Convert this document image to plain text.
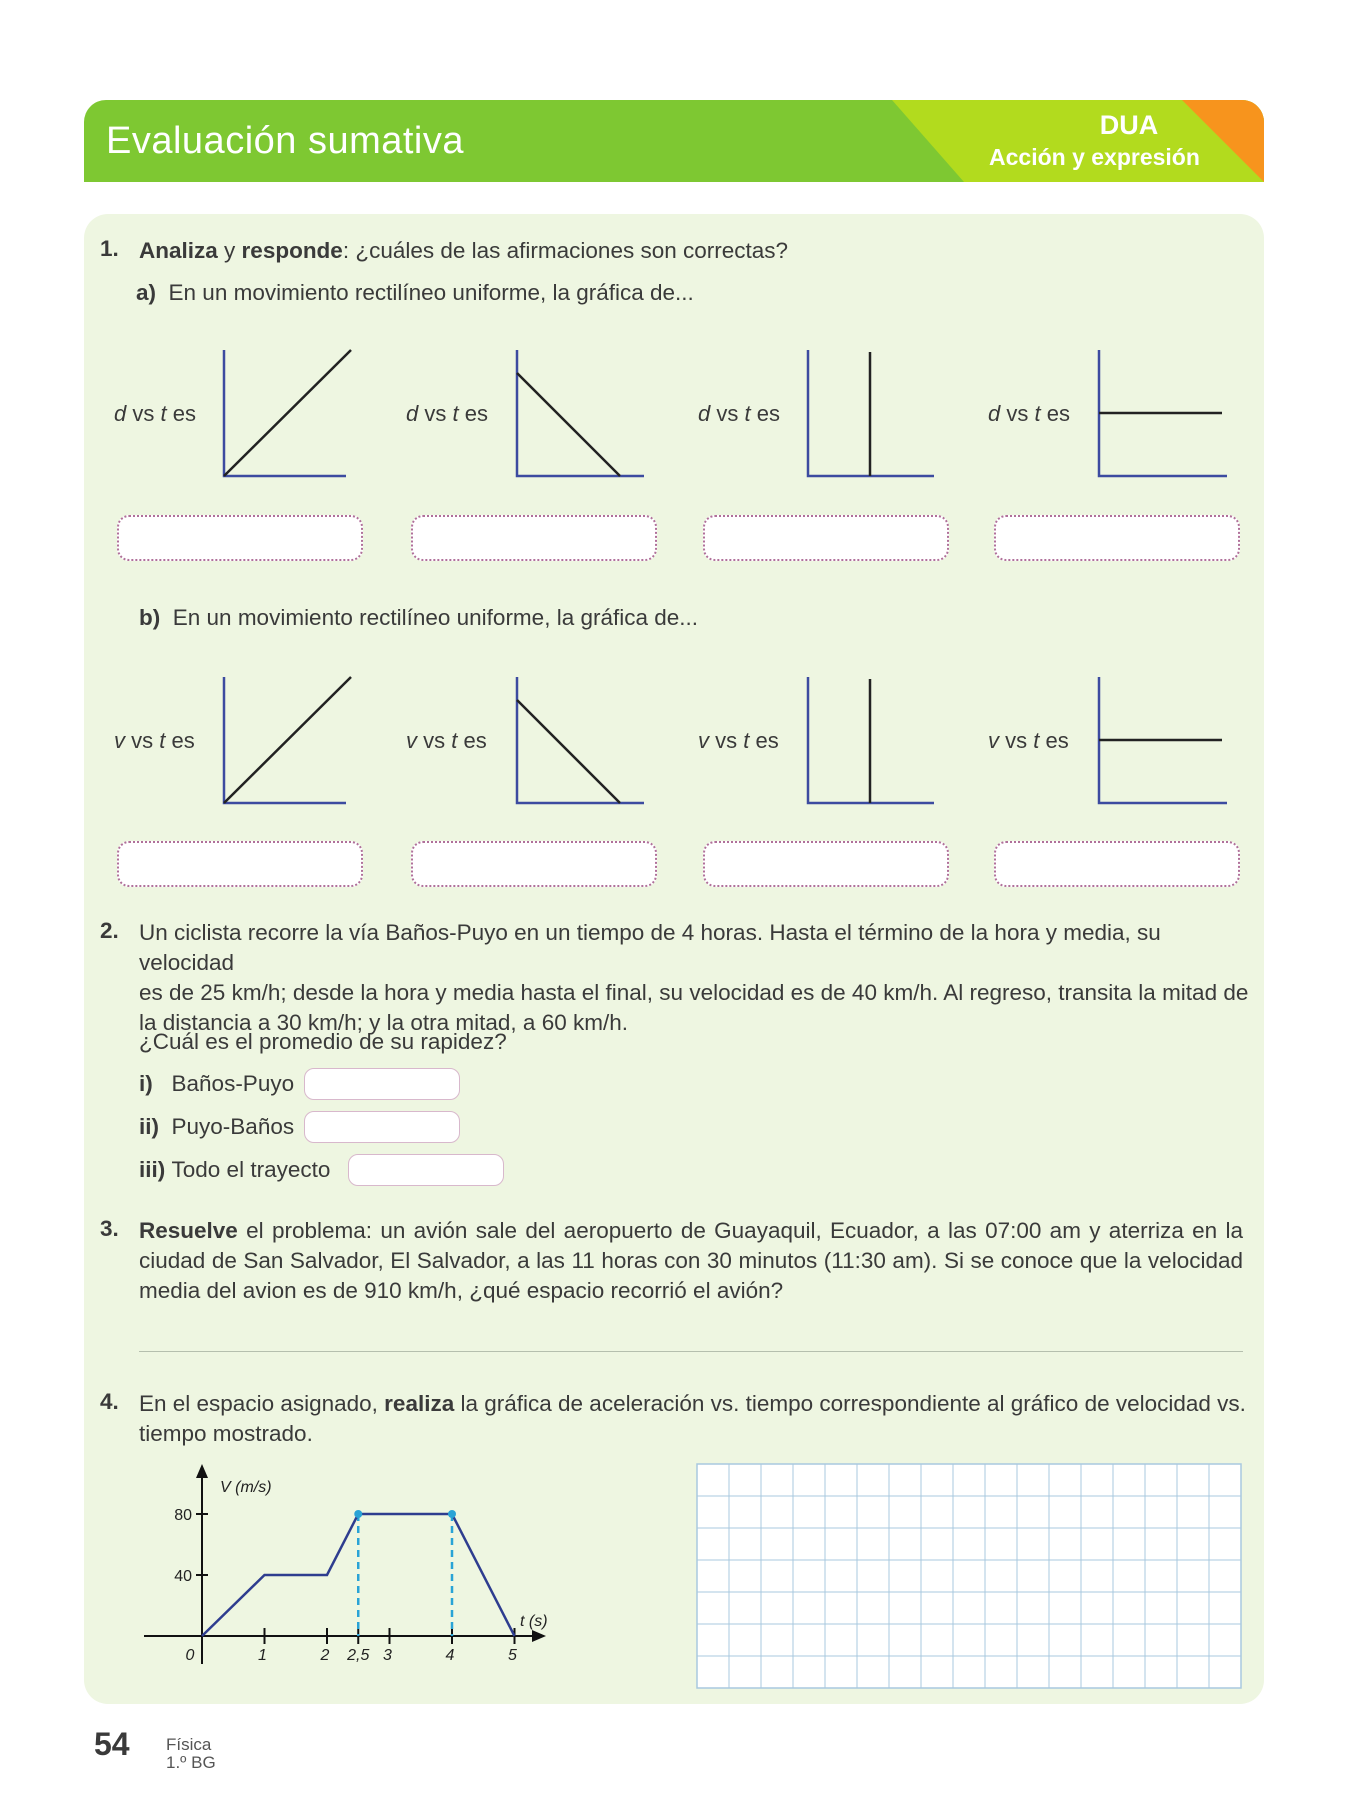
Evaluación sumativa	DUA
Acción y expresión
1. Analiza y responde: ¿cuáles de las afirmaciones son correctas?
a) En un movimiento rectilíneo uniforme, la gráfica de...
d vs t es	d vs t es	d vs t es	d vs t es
b) En un movimiento rectilíneo uniforme, la gráfica de...
v vs t es	v vs t es	v vs t es	v vs t es
2. Un ciclista recorre la vía Baños-Puyo en un tiempo de 4 horas. Hasta el término de la hora y media, su velocidad
es de 25 km/h; desde la hora y media hasta el final, su velocidad es de 40 km/h. Al regreso, transita la mitad de
la distancia a 30 km/h; y la otra mitad, a 60 km/h.
¿Cuál es el promedio de su rapidez?
i) Baños-Puyo
ii) Puyo-Baños
iii) Todo el trayecto
3. Resuelve el problema: un avión sale del aeropuerto de Guayaquil, Ecuador, a las 07:00 am y aterriza en la
ciudad de San Salvador, El Salvador, a las 11 horas con 30 minutos (11:30 am). Si se conoce que la velocidad
media del avion es de 910 km/h, ¿qué espacio recorrió el avión?
4. En el espacio asignado, realiza la gráfica de aceleración vs. tiempo correspondiente al gráfico de velocidad vs.
tiempo mostrado.
V (m/s)
t (s)
40
80
0	1	2 2,5 3	4	5
54 Física
1.º BG
